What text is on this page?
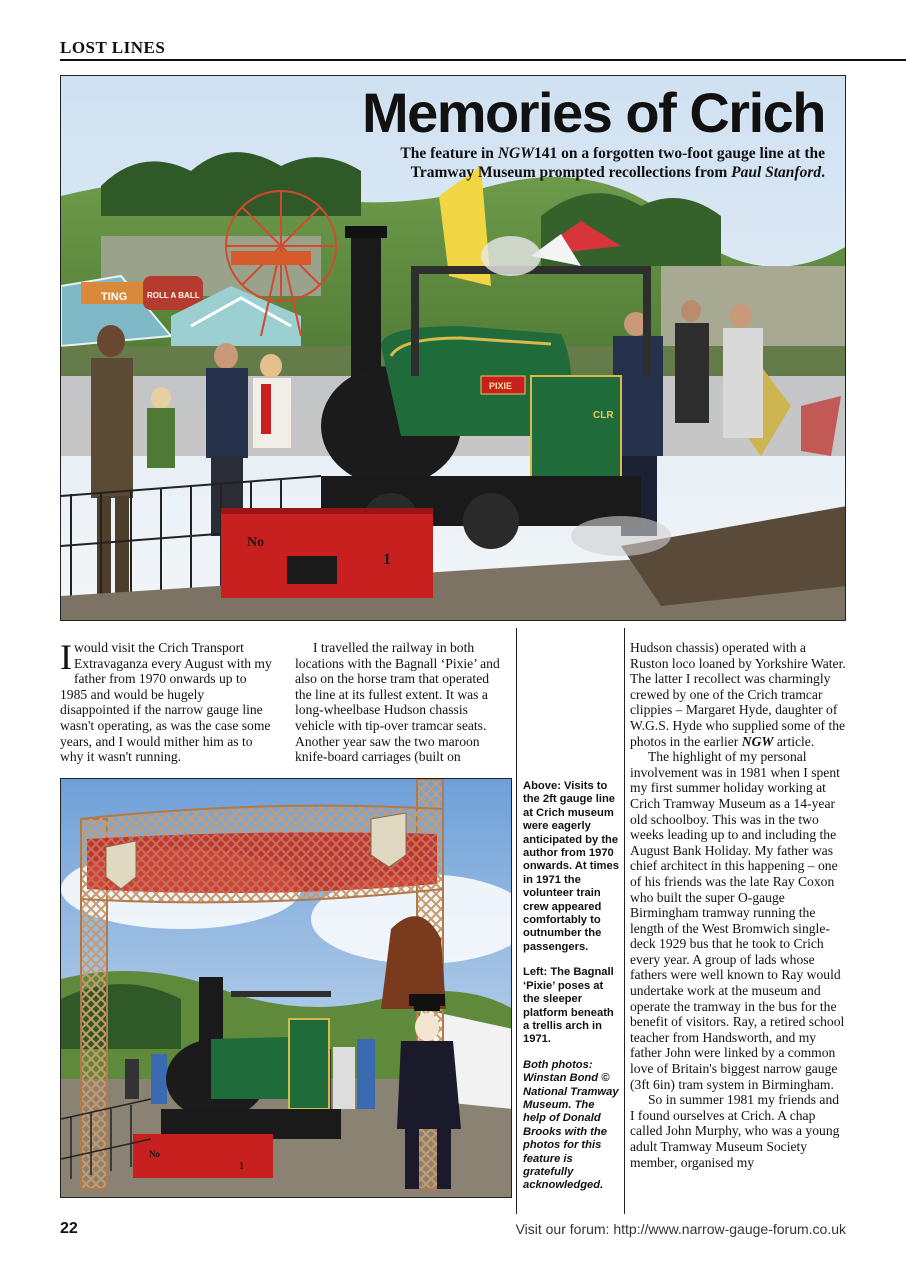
LOST LINES
TING ROLL A BALL
PIXIE
CLR
No
1
Memories of Crich
The feature in NGW141 on a forgotten two-foot gauge line at the Tramway Museum prompted recollections from Paul Stanford.

Iwould visit the Crich Transport Extravaganza every August with my father from 1970 onwards up to 1985 and would be hugely disappointed if the narrow gauge line wasn't operating, as was the case some years, and I would mither him as to why it wasn't running.

I travelled the railway in both locations with the Bagnall ‘Pixie’ and also on the horse tram that operated the line at its fullest extent. It was a long-wheelbase Hudson chassis vehicle with tip-over tramcar seats. Another year saw the two maroon knife-board carriages (built on

Hudson chassis) operated with a Ruston loco loaned by Yorkshire Water. The latter I recollect was charmingly crewed by one of the Crich tramcar clippies – Margaret Hyde, daughter of W.G.S. Hyde who supplied some of the photos in the earlier NGW article.

The highlight of my personal involvement was in 1981 when I spent my first summer holiday working at Crich Tramway Museum as a 14-year old schoolboy. This was in the two weeks leading up to and including the August Bank Holiday. My father was chief architect in this happening – one of his friends was the late Ray Coxon who built the super O-gauge Birmingham tramway running the length of the West Bromwich single-deck 1929 bus that he took to Crich every year. A group of lads whose fathers were well known to Ray would undertake work at the museum and operate the tramway in the bus for the benefit of visitors. Ray, a retired school teacher from Handsworth, and my father John were linked by a common love of Britain's biggest narrow gauge (3ft 6in) tram system in Birmingham.

So in summer 1981 my friends and I found ourselves at Crich. A chap called John Murphy, who was a young adult Tramway Museum Society member, organised my

No
1

Above: Visits to the 2ft gauge line at Crich museum were eagerly anticipated by the author from 1970 onwards. At times in 1971 the volunteer train crew appeared comfortably to outnumber the passengers.

Left: The Bagnall ‘Pixie’ poses at the sleeper platform beneath a trellis arch in 1971.

Both photos: Winstan Bond © National Tramway Museum. The help of Donald Brooks with the photos for this feature is gratefully acknowledged.

22	Visit our forum: http://www.narrow-gauge-forum.co.uk
